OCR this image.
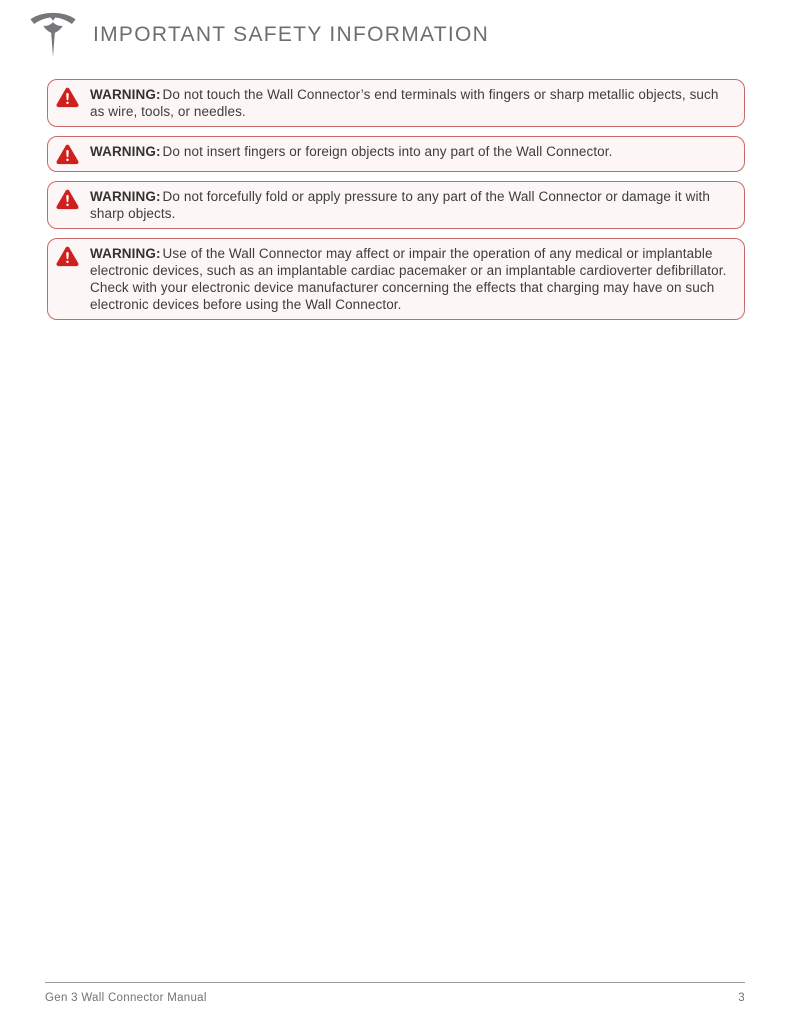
IMPORTANT SAFETY INFORMATION

WARNING: Do not touch the Wall Connector’s end terminals with fingers or sharp metallic objects, such as wire, tools, or needles.

WARNING: Do not insert fingers or foreign objects into any part of the Wall Connector.

WARNING: Do not forcefully fold or apply pressure to any part of the Wall Connector or damage it with sharp objects.

WARNING: Use of the Wall Connector may affect or impair the operation of any medical or implantable electronic devices, such as an implantable cardiac pacemaker or an implantable cardioverter defibrillator. Check with your electronic device manufacturer concerning the effects that charging may have on such electronic devices before using the Wall Connector.

Gen 3 Wall Connector Manual	3
